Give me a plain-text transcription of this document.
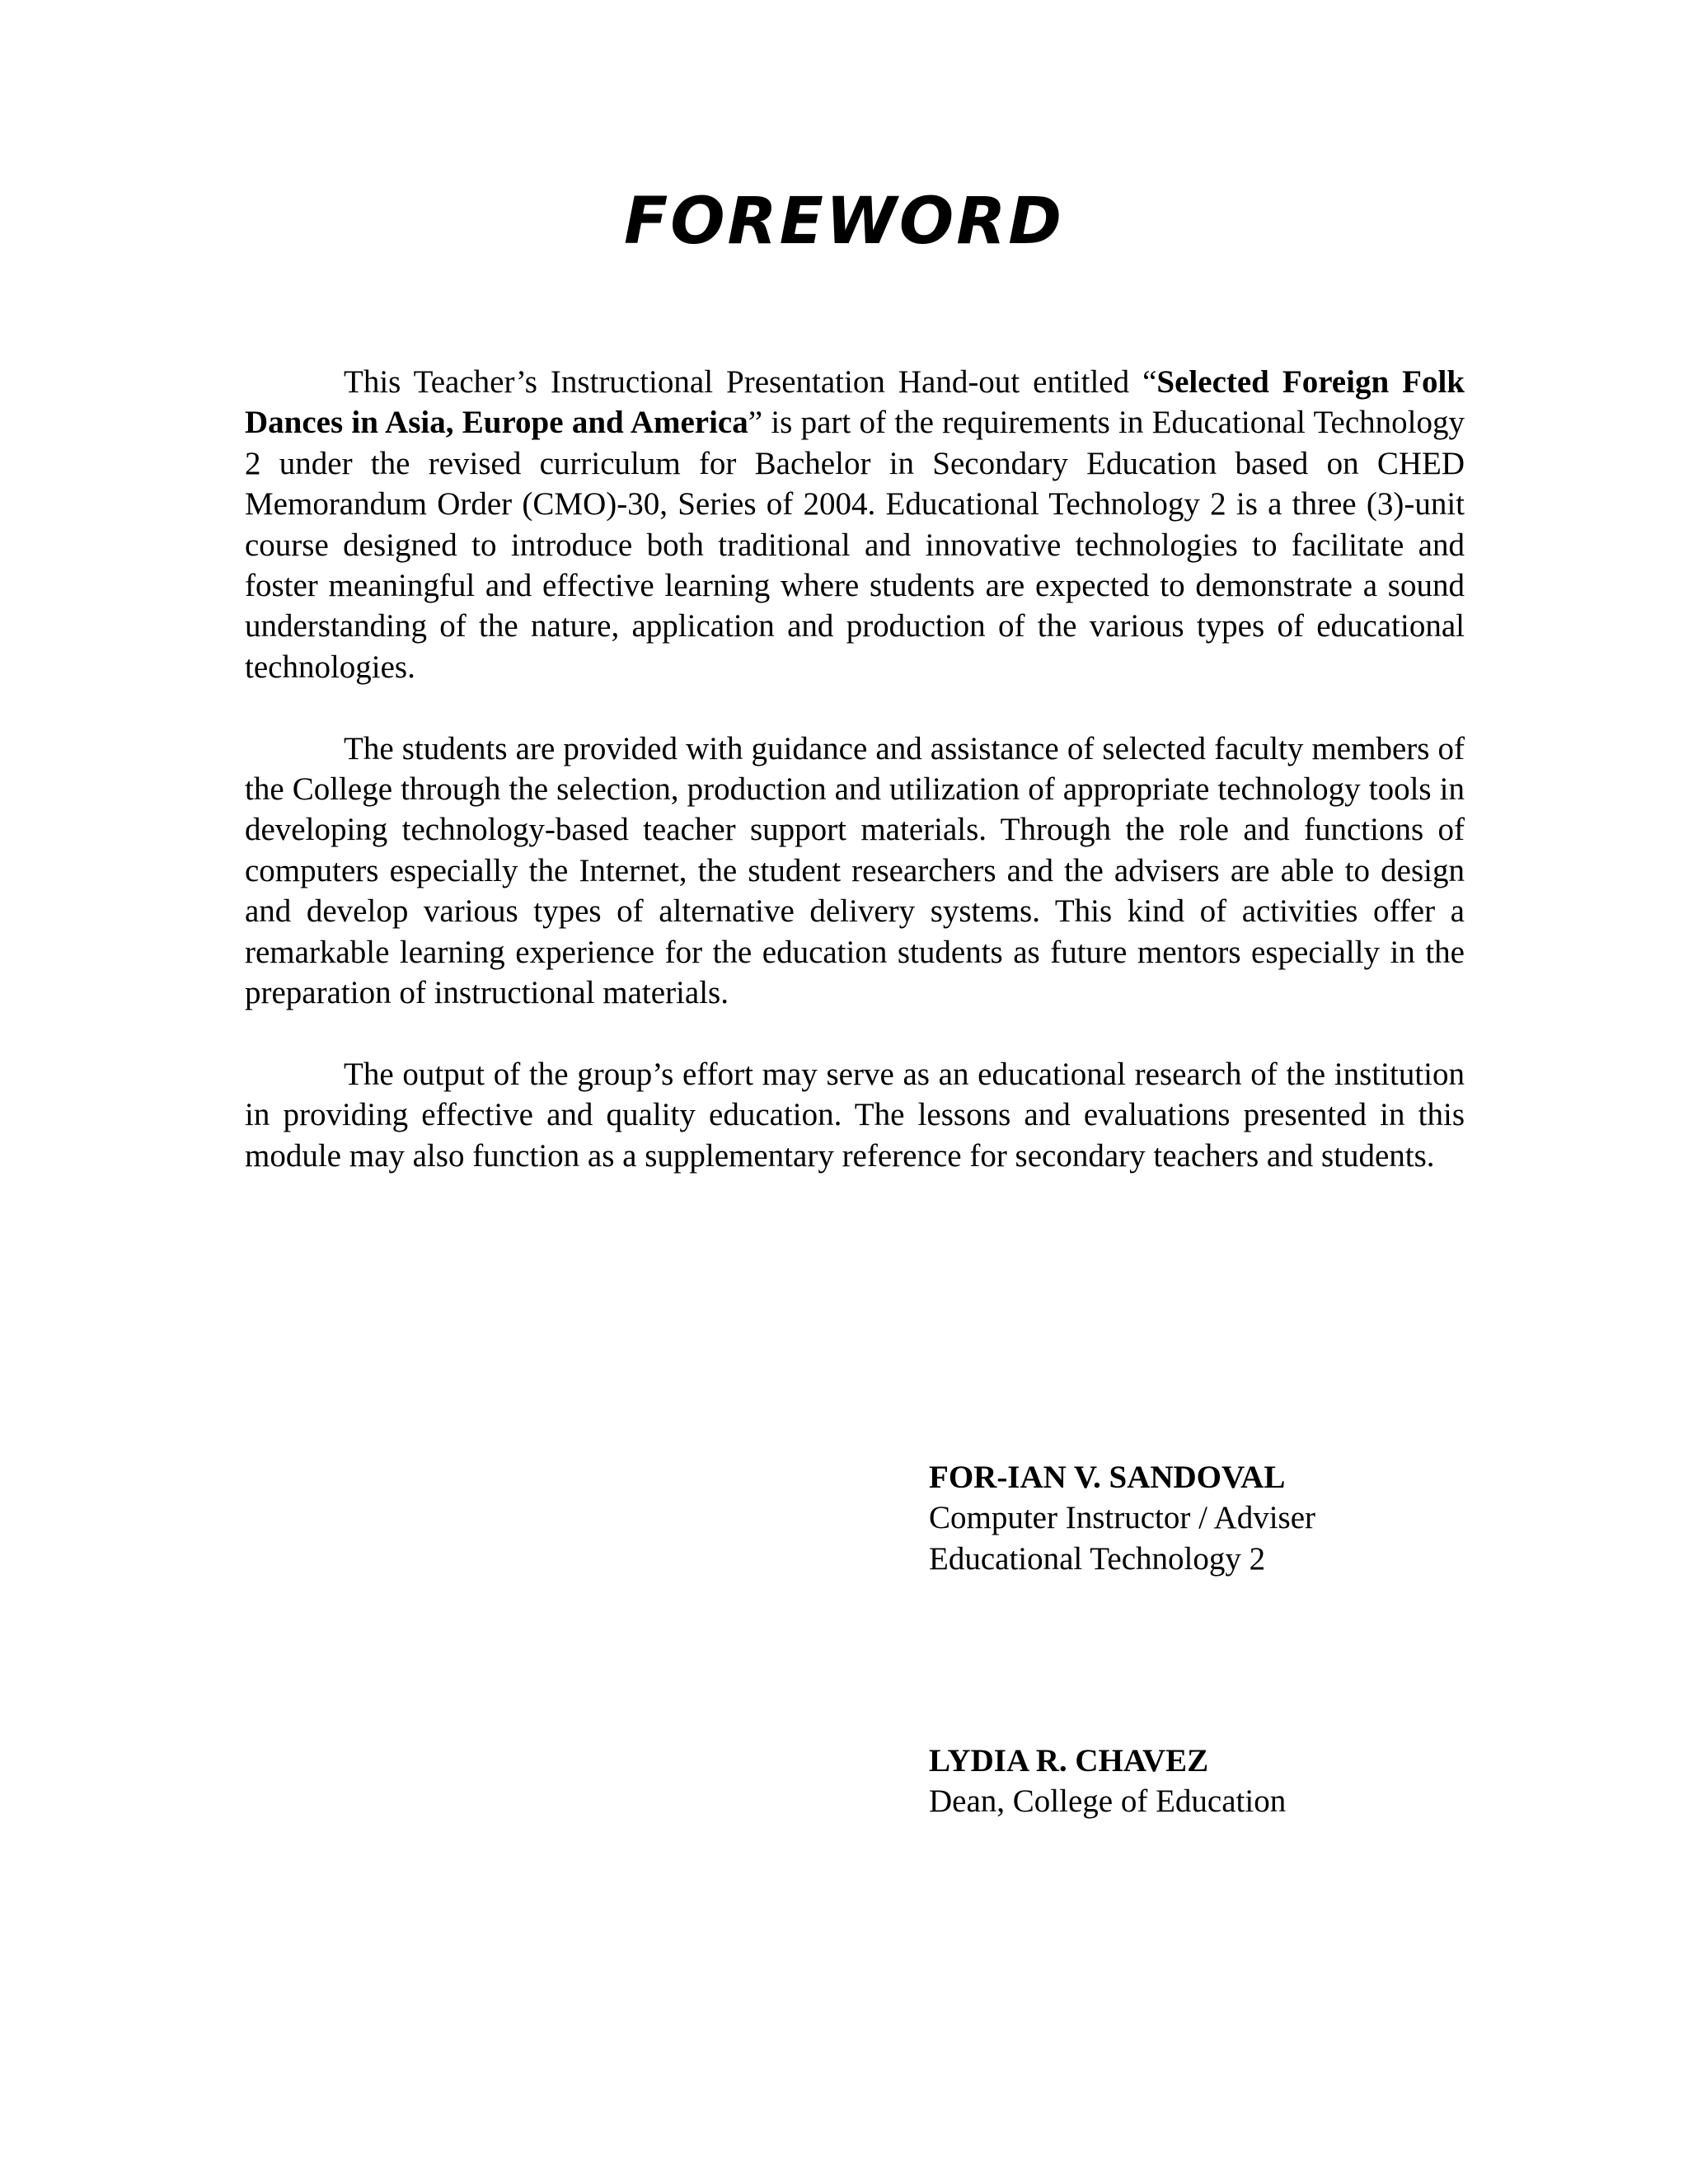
FOREWORD

This Teacher’s Instructional Presentation Hand-out entitled “Selected Foreign Folk Dances in Asia, Europe and America” is part of the requirements in Educational Technology 2 under the revised curriculum for Bachelor in Secondary Education based on CHED Memorandum Order (CMO)-30, Series of 2004. Educational Technology 2 is a three (3)-unit course designed to introduce both traditional and innovative technologies to facilitate and foster meaningful and effective learning where students are expected to demonstrate a sound understanding of the nature, application and production of the various types of educational technologies.

The students are provided with guidance and assistance of selected faculty members of the College through the selection, production and utilization of appropriate technology tools in developing technology-based teacher support materials. Through the role and functions of computers especially the Internet, the student researchers and the advisers are able to design and develop various types of alternative delivery systems. This kind of activities offer a remarkable learning experience for the education students as future mentors especially in the preparation of instructional materials.

The output of the group’s effort may serve as an educational research of the institution in providing effective and quality education. The lessons and evaluations presented in this module may also function as a supplementary reference for secondary teachers and students.

FOR-IAN V. SANDOVAL
Computer Instructor / Adviser
Educational Technology 2
LYDIA R. CHAVEZ
Dean, College of Education
